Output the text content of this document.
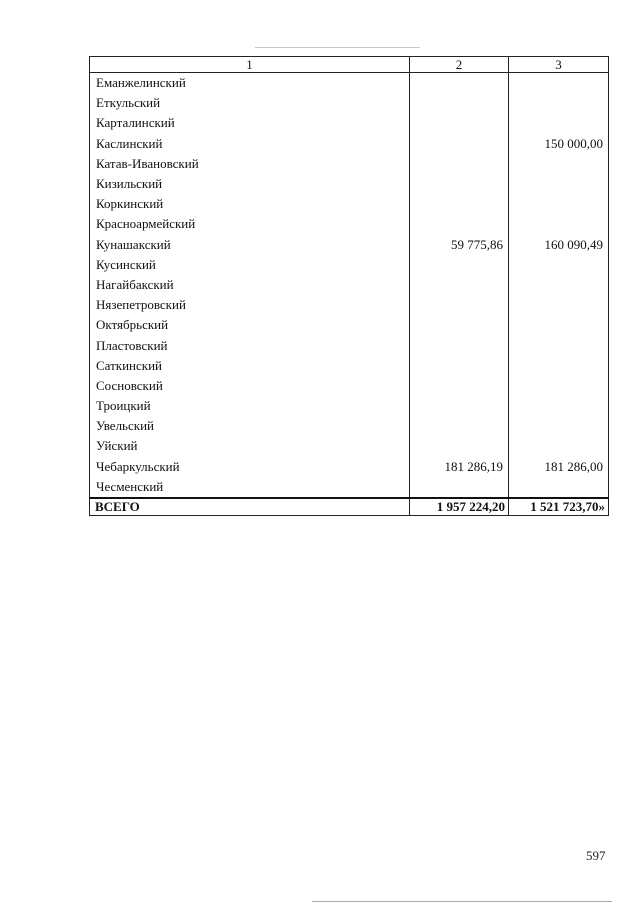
1	2	3
Еманжелинский		
Еткульский		
Карталинский		
Каслинский		150 000,00
Катав-Ивановский		
Кизильский		
Коркинский		
Красноармейский		
Кунашакский	59 775,86	160 090,49
Кусинский		
Нагайбакский		
Нязепетровский		
Октябрьский		
Пластовский		
Саткинский		
Сосновский		
Троицкий		
Увельский		
Уйский		
Чебаркульский	181 286,19	181 286,00
Чесменский		
ВСЕГО	1 957 224,20	1 521 723,70»
597
